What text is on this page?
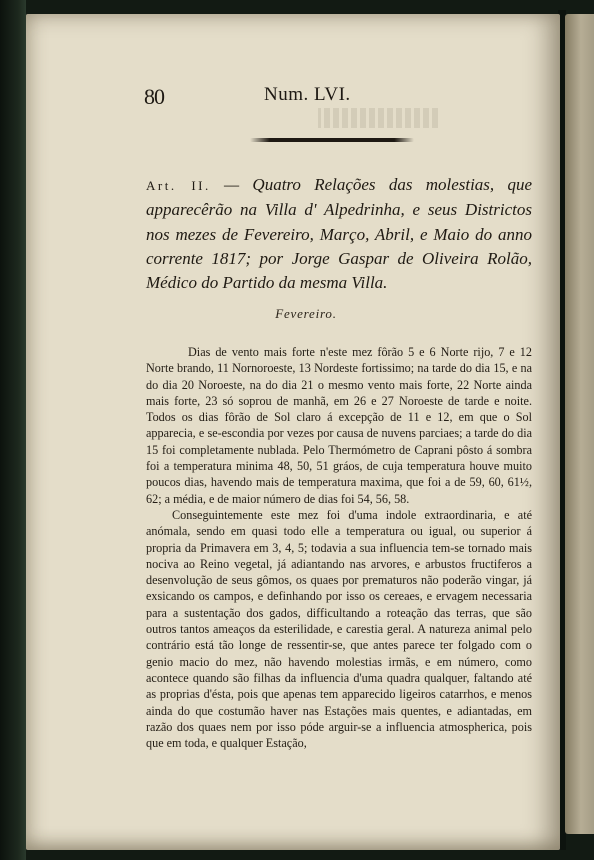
80	Num. LVI.
Art. II. — Quatro Relações das molestias, que apparecêrão na Villa d' Alpedrinha, e seus Districtos nos mezes de Fevereiro, Março, Abril, e Maio do anno corrente 1817; por Jorge Gaspar de Oliveira Rolão, Médico do Partido da mesma Villa.
Fevereiro.

Dias de vento mais forte n'este mez fôrão 5 e 6 Norte rijo, 7 e 12 Norte brando, 11 Nornoroeste, 13 Nordeste fortissimo; na tarde do dia 15, e na do dia 20 Noroeste, na do dia 21 o mesmo vento mais forte, 22 Norte ainda mais forte, 23 só soprou de manhã, em 26 e 27 Noroeste de tarde e noite. Todos os dias fôrão de Sol claro á excepção de 11 e 12, em que o Sol apparecia, e se-escondia por vezes por causa de nuvens parciaes; a tarde do dia 15 foi completamente nublada. Pelo Thermómetro de Caprani pôsto á sombra foi a temperatura minima 48, 50, 51 gráos, de cuja temperatura houve muito poucos dias, havendo mais de temperatura maxima, que foi a de 59, 60, 61½, 62; a média, e de maior número de dias foi 54, 56, 58.

Conseguintemente este mez foi d'uma indole extraordinaria, e até anómala, sendo em quasi todo elle a temperatura ou igual, ou superior á propria da Primavera em 3, 4, 5; todavia a sua influencia tem-se tornado mais nociva ao Reino vegetal, já adiantando nas arvores, e arbustos fructiferos a desenvolução de seus gômos, os quaes por prematuros não poderão vingar, já exsicando os campos, e definhando por isso os cereaes, e ervagem necessaria para a sustentação dos gados, difficultando a roteação das terras, que são outros tantos ameaços da esterilidade, e carestia geral. A natureza animal pelo contrário está tão longe de ressentir-se, que antes parece ter folgado com o genio macio do mez, não havendo molestias irmãs, e em número, como acontece quando são filhas da influencia d'uma quadra qualquer, faltando até as proprias d'ésta, pois que apenas tem apparecido ligeiros catarrhos, e menos ainda do que costumão haver nas Estações mais quentes, e adiantadas, em razão dos quaes nem por isso póde arguir-se a influencia atmospherica, pois que em toda, e qualquer Estação,
